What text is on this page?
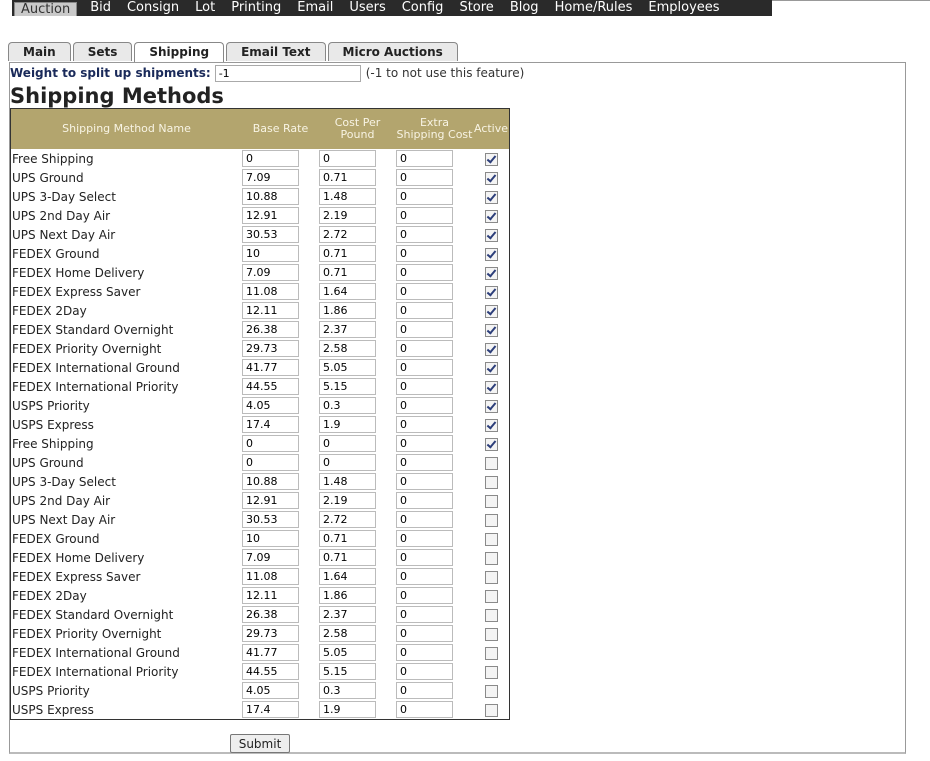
Auction	Bid	Consign	Lot	Printing	Email	Users	Config	Store	Blog	Home/Rules	Employees
Main	Sets	Shipping	Email Text	Micro Auctions
Weight to split up shipments:
-1	(-1 to not use this feature)
Shipping Methods
Shipping Method Name	Base Rate	Cost Per Pound	Extra Shipping Cost	Active
Free Shipping	0	0	0	
UPS Ground	7.09	0.71	0	
UPS 3-Day Select	10.88	1.48	0	
UPS 2nd Day Air	12.91	2.19	0	
UPS Next Day Air	30.53	2.72	0	
FEDEX Ground	10	0.71	0	
FEDEX Home Delivery	7.09	0.71	0	
FEDEX Express Saver	11.08	1.64	0	
FEDEX 2Day	12.11	1.86	0	
FEDEX Standard Overnight	26.38	2.37	0	
FEDEX Priority Overnight	29.73	2.58	0	
FEDEX International Ground	41.77	5.05	0	
FEDEX International Priority	44.55	5.15	0	
USPS Priority	4.05	0.3	0	
USPS Express	17.4	1.9	0	
Free Shipping	0	0	0	
UPS Ground	0	0	0	
UPS 3-Day Select	10.88	1.48	0	
UPS 2nd Day Air	12.91	2.19	0	
UPS Next Day Air	30.53	2.72	0	
FEDEX Ground	10	0.71	0	
FEDEX Home Delivery	7.09	0.71	0	
FEDEX Express Saver	11.08	1.64	0	
FEDEX 2Day	12.11	1.86	0	
FEDEX Standard Overnight	26.38	2.37	0	
FEDEX Priority Overnight	29.73	2.58	0	
FEDEX International Ground	41.77	5.05	0	
FEDEX International Priority	44.55	5.15	0	
USPS Priority	4.05	0.3	0	
USPS Express	17.4	1.9	0	
Submit
